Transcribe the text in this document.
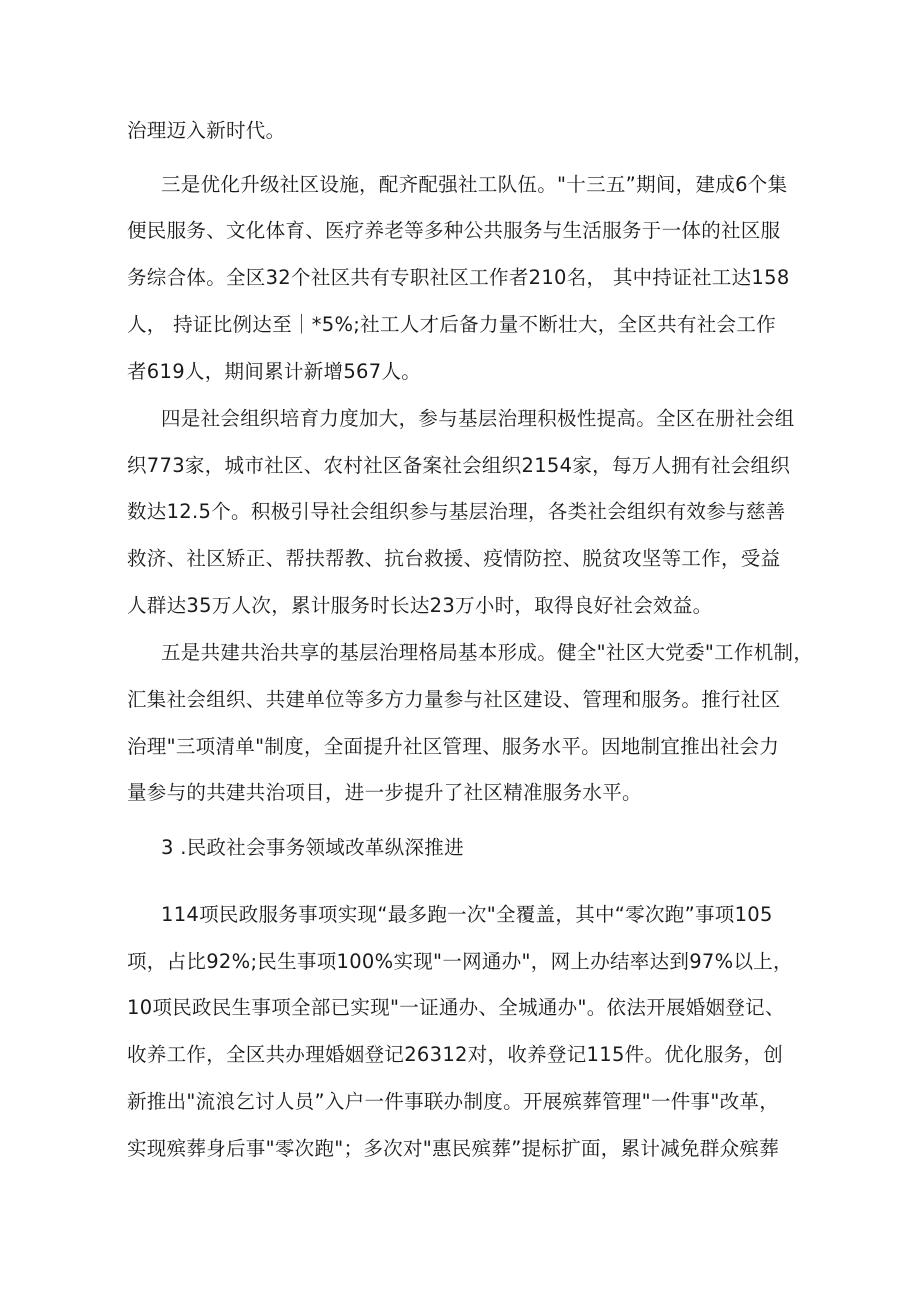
治理迈入新时代。
三是优化升级社区设施，配齐配强社工队伍。"十三五”期间，建成6个集
便民服务、文化体育、医疗养老等多种公共服务与生活服务于一体的社区服
务综合体。全区32个社区共有专职社区工作者210名， 其中持证社工达158
人， 持证比例达至｜*5%;社工人才后备力量不断壮大，全区共有社会工作
者619人，期间累计新增567人。
四是社会组织培育力度加大，参与基层治理积极性提高。全区在册社会组
织773家，城市社区、农村社区备案社会组织2154家，每万人拥有社会组织
数达12.5个。积极引导社会组织参与基层治理，各类社会组织有效参与慈善
救济、社区矫正、帮扶帮教、抗台救援、疫情防控、脱贫攻坚等工作，受益
人群达35万人次，累计服务时长达23万小时，取得良好社会效益。
五是共建共治共享的基层治理格局基本形成。健全"社区大党委"工作机制，
汇集社会组织、共建单位等多方力量参与社区建设、管理和服务。推行社区
治理"三项清单"制度，全面提升社区管理、服务水平。因地制宜推出社会力
量参与的共建共治项目，进一步提升了社区精准服务水平。
3 .民政社会事务领域改革纵深推进
114项民政服务事项实现“最多跑一次"全覆盖，其中“零次跑”事项105
项，占比92%;民生事项100%实现"一网通办"，网上办结率达到97%以上，
10项民政民生事项全部已实现"一证通办、全城通办"。依法开展婚姻登记、
收养工作，全区共办理婚姻登记26312对，收养登记115件。优化服务，创
新推出"流浪乞讨人员”入户一件事联办制度。开展殡葬管理"一件事"改革，
实现殡葬身后事"零次跑"；多次对"惠民殡葬”提标扩面，累计减免群众殡葬
